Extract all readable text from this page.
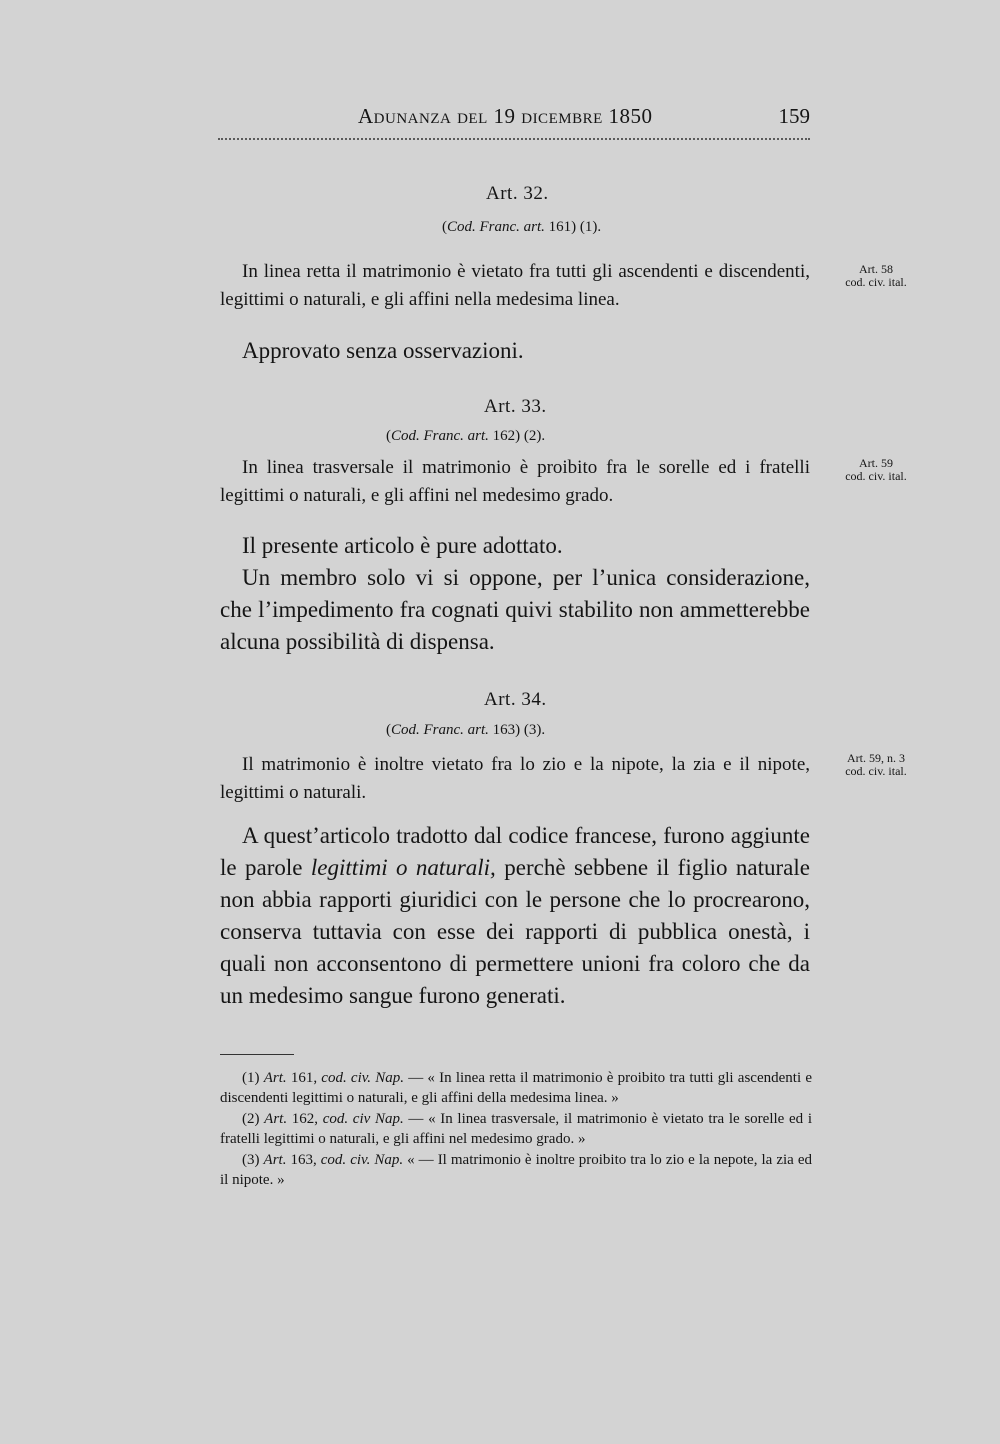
Adunanza del 19 dicembre 1850	159
Art. 32.
(Cod. Franc. art. 161) (1).
In linea retta il matrimonio è vietato fra tutti gli ascendenti e discendenti, legittimi o naturali, e gli affini nella medesima linea.
Art. 58
cod. civ. ital.
Approvato senza osservazioni.
Art. 33.
(Cod. Franc. art. 162) (2).
In linea trasversale il matrimonio è proibito fra le sorelle ed i fratelli legittimi o naturali, e gli affini nel medesimo grado.
Art. 59
cod. civ. ital.
Il presente articolo è pure adottato.
Un membro solo vi si oppone, per l’unica considerazione, che l’impedimento fra cognati quivi stabilito non ammetterebbe alcuna possibilità di dispensa.
Art. 34.
(Cod. Franc. art. 163) (3).
Il matrimonio è inoltre vietato fra lo zio e la nipote, la zia e il nipote, legittimi o naturali.
Art. 59, n. 3
cod. civ. ital.
A quest’articolo tradotto dal codice francese, furono aggiunte le parole legittimi o naturali, perchè sebbene il figlio naturale non abbia rapporti giuridici con le persone che lo procrearono, conserva tuttavia con esse dei rapporti di pubblica onestà, i quali non acconsentono di permettere unioni fra coloro che da un medesimo sangue furono generati.
(1) Art. 161, cod. civ. Nap. — « In linea retta il matrimonio è proibito tra tutti gli ascendenti e discendenti legittimi o naturali, e gli affini della medesima linea. »
(2) Art. 162, cod. civ Nap. — « In linea trasversale, il matrimonio è vietato tra le sorelle ed i fratelli legittimi o naturali, e gli affini nel medesimo grado. »
(3) Art. 163, cod. civ. Nap. « — Il matrimonio è inoltre proibito tra lo zio e la nepote, la zia ed il nipote. »
